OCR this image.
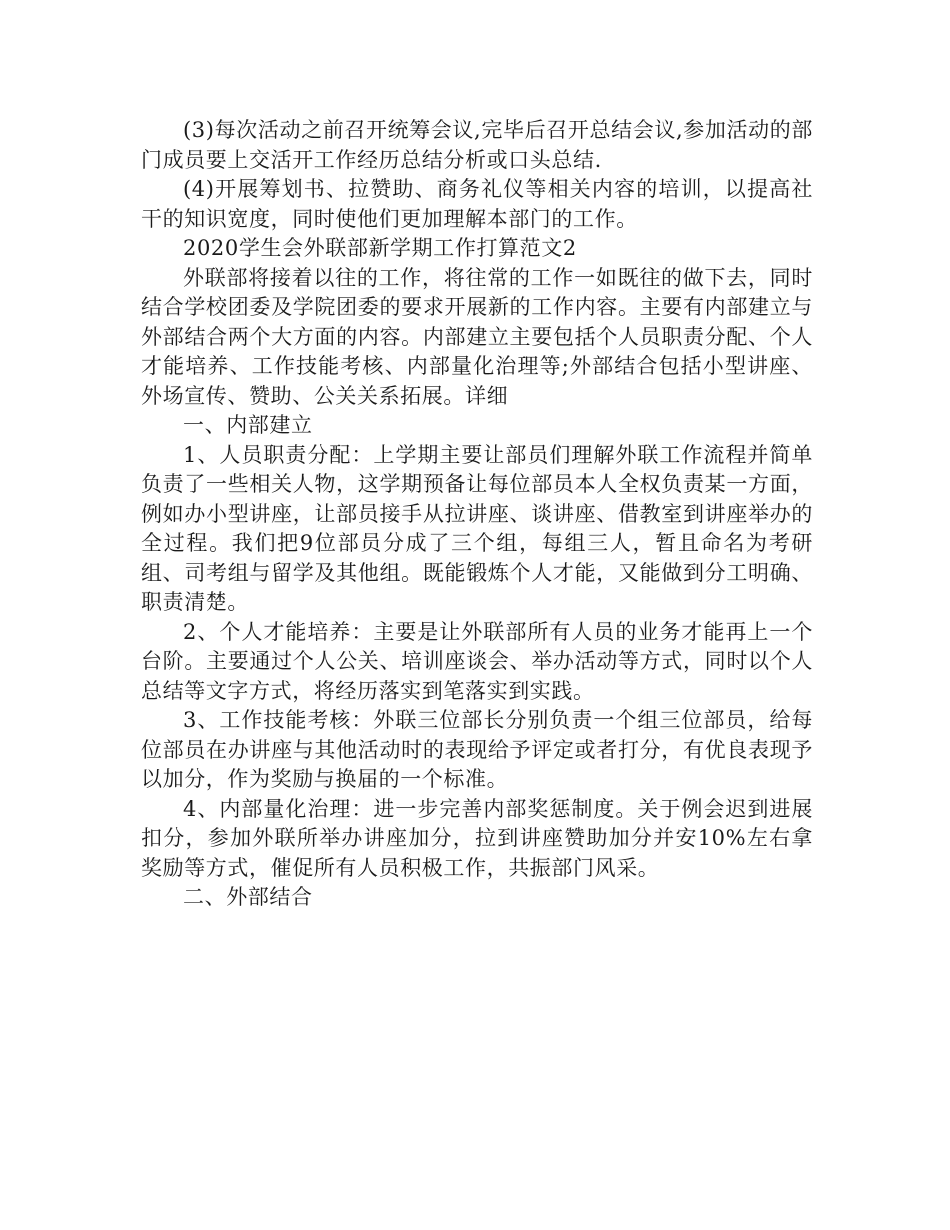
(3)每次活动之前召开统筹会议,完毕后召开总结会议,参加活动的部门成员要上交活开工作经历总结分析或口头总结.

(4)开展筹划书、拉赞助、商务礼仪等相关内容的培训，以提高社干的知识宽度，同时使他们更加理解本部门的工作。

2020学生会外联部新学期工作打算范文2

外联部将接着以往的工作，将往常的工作一如既往的做下去，同时结合学校团委及学院团委的要求开展新的工作内容。主要有内部建立与外部结合两个大方面的内容。内部建立主要包括个人员职责分配、个人才能培养、工作技能考核、内部量化治理等;外部结合包括小型讲座、外场宣传、赞助、公关关系拓展。详细

一、内部建立

1、人员职责分配：上学期主要让部员们理解外联工作流程并简单负责了一些相关人物，这学期预备让每位部员本人全权负责某一方面，例如办小型讲座，让部员接手从拉讲座、谈讲座、借教室到讲座举办的全过程。我们把9位部员分成了三个组，每组三人，暂且命名为考研组、司考组与留学及其他组。既能锻炼个人才能，又能做到分工明确、职责清楚。

2、个人才能培养：主要是让外联部所有人员的业务才能再上一个台阶。主要通过个人公关、培训座谈会、举办活动等方式，同时以个人总结等文字方式，将经历落实到笔落实到实践。

3、工作技能考核：外联三位部长分别负责一个组三位部员，给每位部员在办讲座与其他活动时的表现给予评定或者打分，有优良表现予以加分，作为奖励与换届的一个标准。

4、内部量化治理：进一步完善内部奖惩制度。关于例会迟到进展扣分，参加外联所举办讲座加分，拉到讲座赞助加分并安10%左右拿奖励等方式，催促所有人员积极工作，共振部门风采。

二、外部结合
